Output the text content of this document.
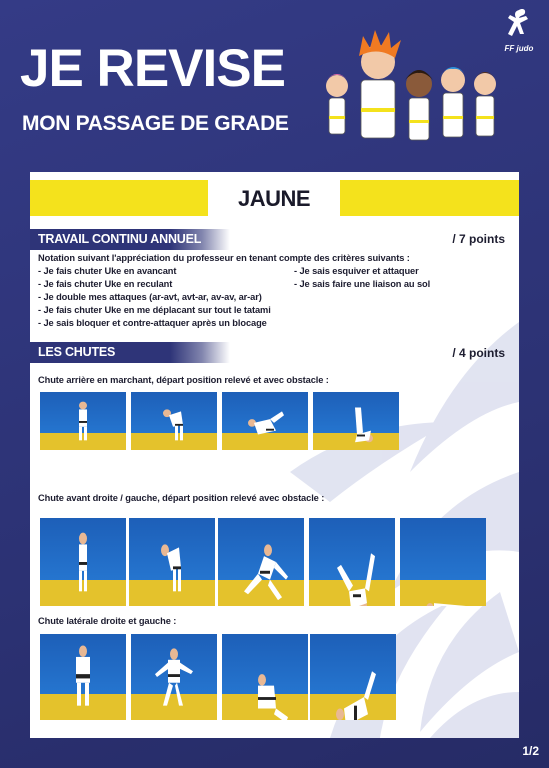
FF judo
JE REVISE
MON PASSAGE DE GRADE
JAUNE
TRAVAIL CONTINU ANNUEL	/ 7 points
Notation suivant l'appréciation du professeur en tenant compte des critères suivants :
- Je fais chuter Uke en avancant
- Je fais chuter Uke en reculant
- Je double mes attaques (ar-avt, avt-ar, av-av, ar-ar)
- Je fais chuter Uke en me déplacant sur tout le tatami
- Je sais bloquer et contre-attaquer après un blocage
- Je sais esquiver et attaquer
- Je sais faire une liaison au sol
LES CHUTES	/ 4 points
Chute arrière en marchant, départ position relevé et avec obstacle :
Chute avant droite / gauche, départ position relevé avec obstacle :
Chute latérale droite et gauche :
1/2
